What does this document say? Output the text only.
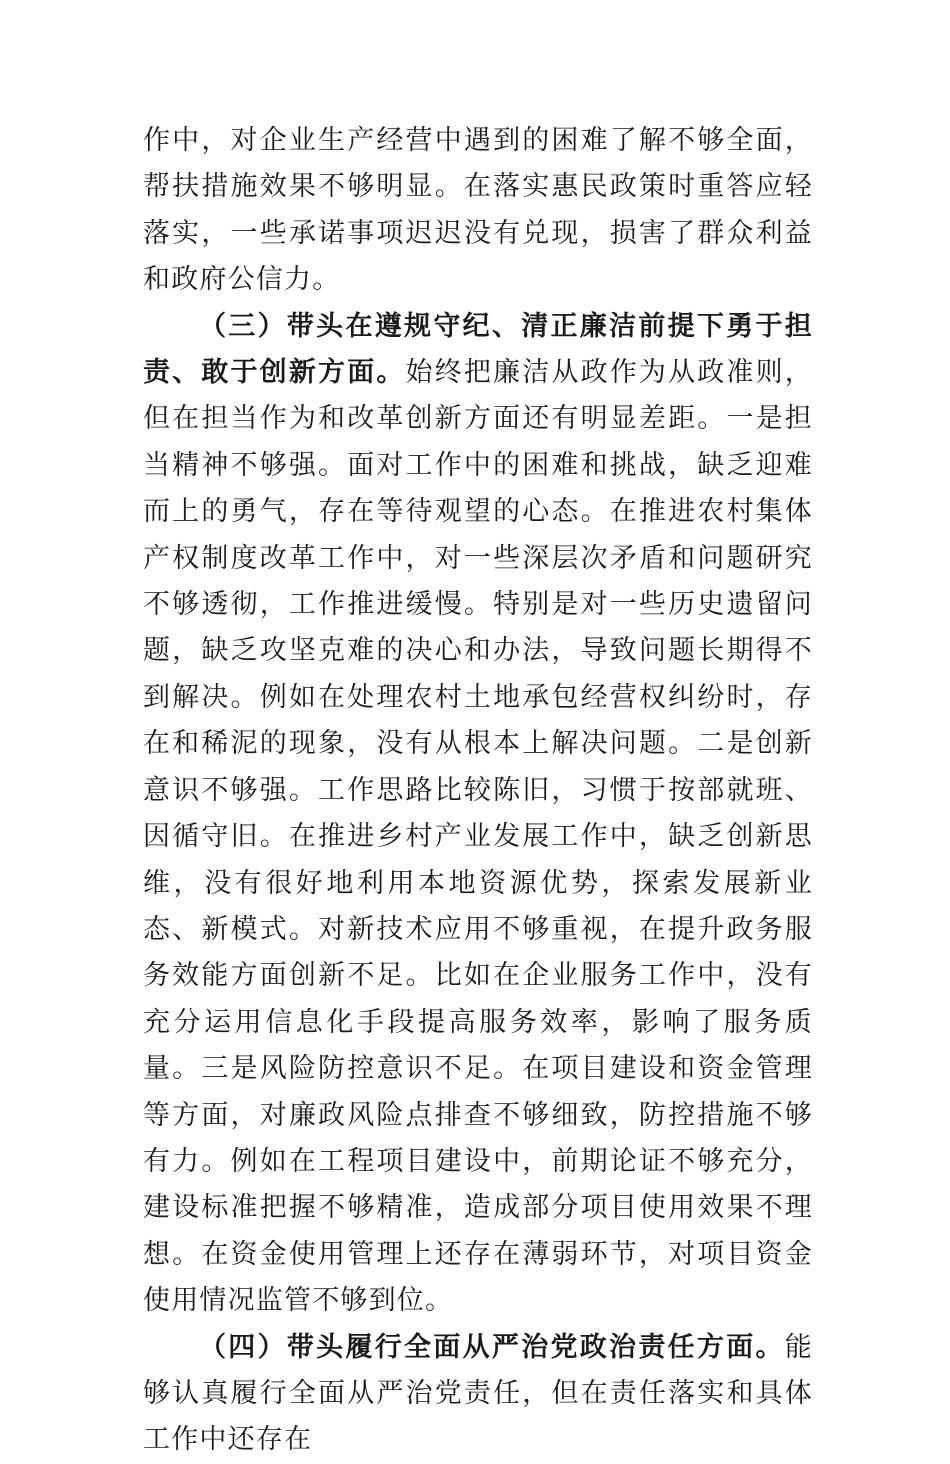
作中，对企业生产经营中遇到的困难了解不够全面，帮扶措施效果不够明显。在落实惠民政策时重答应轻落实，一些承诺事项迟迟没有兑现，损害了群众利益和政府公信力。

（三）带头在遵规守纪、清正廉洁前提下勇于担责、敢于创新方面。始终把廉洁从政作为从政准则，但在担当作为和改革创新方面还有明显差距。一是担当精神不够强。面对工作中的困难和挑战，缺乏迎难而上的勇气，存在等待观望的心态。在推进农村集体产权制度改革工作中，对一些深层次矛盾和问题研究不够透彻，工作推进缓慢。特别是对一些历史遗留问题，缺乏攻坚克难的决心和办法，导致问题长期得不到解决。例如在处理农村土地承包经营权纠纷时，存在和稀泥的现象，没有从根本上解决问题。二是创新意识不够强。工作思路比较陈旧，习惯于按部就班、因循守旧。在推进乡村产业发展工作中，缺乏创新思维，没有很好地利用本地资源优势，探索发展新业态、新模式。对新技术应用不够重视，在提升政务服务效能方面创新不足。比如在企业服务工作中，没有充分运用信息化手段提高服务效率，影响了服务质量。三是风险防控意识不足。在项目建设和资金管理等方面，对廉政风险点排查不够细致，防控措施不够有力。例如在工程项目建设中，前期论证不够充分，建设标准把握不够精准，造成部分项目使用效果不理想。在资金使用管理上还存在薄弱环节，对项目资金使用情况监管不够到位。

（四）带头履行全面从严治党政治责任方面。能够认真履行全面从严治党责任，但在责任落实和具体工作中还存在
